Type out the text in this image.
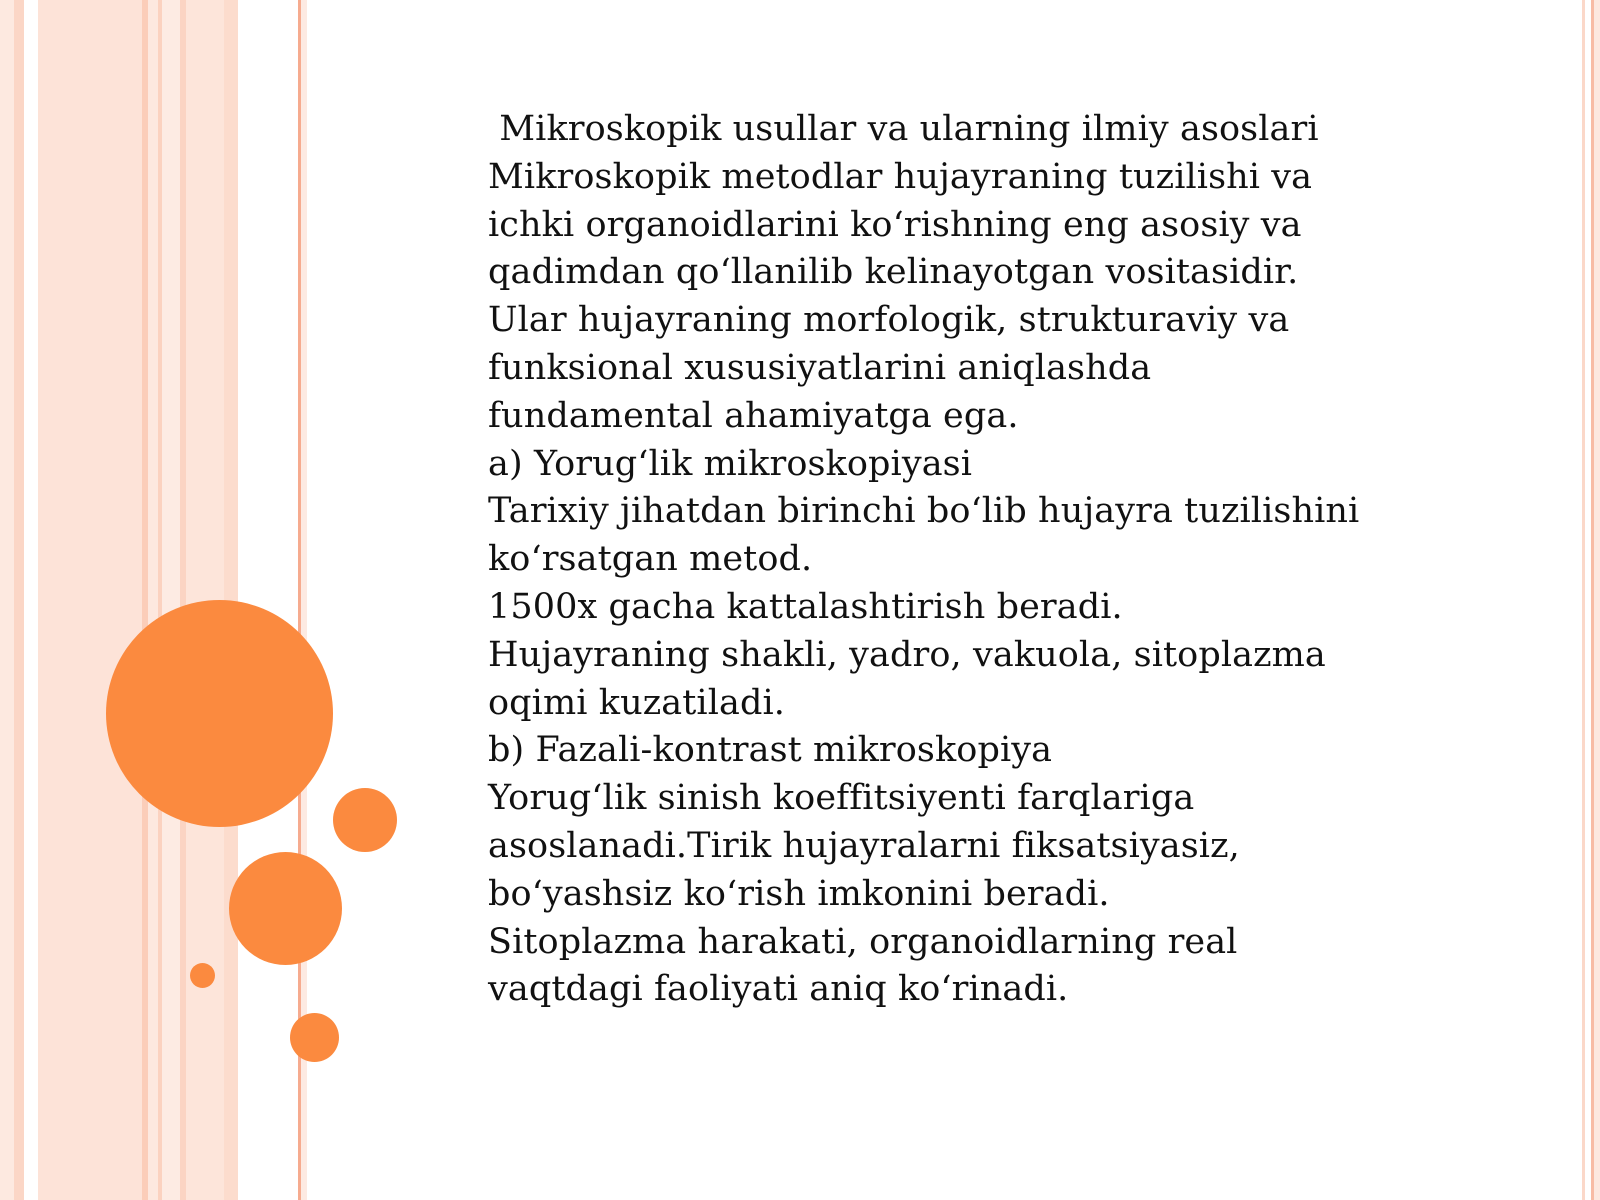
Mikroskopik usullar va ularning ilmiy asoslari
Mikroskopik metodlar hujayraning tuzilishi va
ichki organoidlarini ko‘rishning eng asosiy va
qadimdan qo‘llanilib kelinayotgan vositasidir.
Ular hujayraning morfologik, strukturaviy va
funksional xususiyatlarini aniqlashda
fundamental ahamiyatga ega.
a) Yorug‘lik mikroskopiyasi
Tarixiy jihatdan birinchi bo‘lib hujayra tuzilishini
ko‘rsatgan metod.
1500x gacha kattalashtirish beradi.
Hujayraning shakli, yadro, vakuola, sitoplazma
oqimi kuzatiladi.
b) Fazali-kontrast mikroskopiya
Yorug‘lik sinish koeffitsiyenti farqlariga
asoslanadi.Tirik hujayralarni fiksatsiyasiz,
bo‘yashsiz ko‘rish imkonini beradi.
Sitoplazma harakati, organoidlarning real
vaqtdagi faoliyati aniq ko‘rinadi.
